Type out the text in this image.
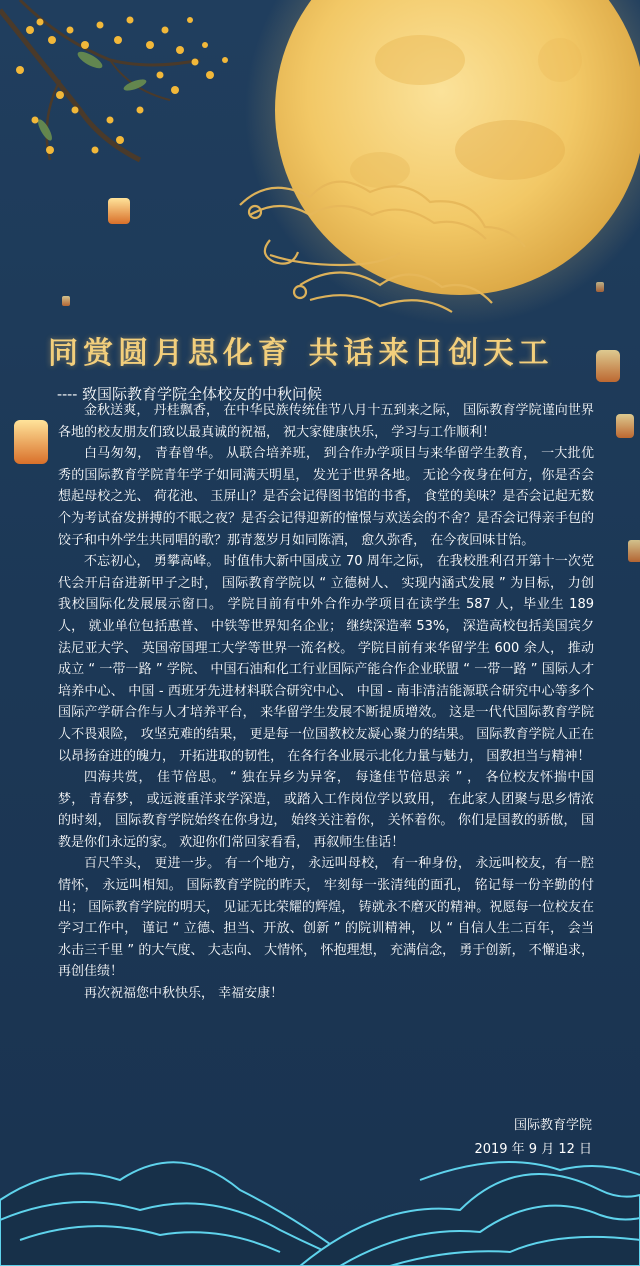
同赏圆月思化育 共话来日创天工
---- 致国际教育学院全体校友的中秋问候

金秋送爽， 丹桂飘香， 在中华民族传统佳节八月十五到来之际， 国际教育学院谨向世界各地的校友朋友们致以最真诚的祝福， 祝大家健康快乐， 学习与工作顺利！

白马匆匆， 青春曾华。 从联合培养班， 到合作办学项目与来华留学生教育， 一大批优秀的国际教育学院青年学子如同满天明星， 发光于世界各地。 无论今夜身在何方，你是否会想起母校之光、 荷花池、 玉屏山？是否会记得图书馆的书香， 食堂的美味？是否会记起无数个为考试奋发拼搏的不眠之夜？是否会记得迎新的憧憬与欢送会的不舍？是否会记得亲手包的饺子和中外学生共同唱的歌？那青葱岁月如同陈酒， 愈久弥香， 在今夜回味甘饴。

不忘初心， 勇攀高峰。 时值伟大新中国成立 70 周年之际， 在我校胜利召开第十一次党代会开启奋进新甲子之时， 国际教育学院以 “ 立德树人、 实现内涵式发展 ” 为目标， 力创我校国际化发展展示窗口。 学院目前有中外合作办学项目在读学生 587 人，毕业生 189 人， 就业单位包括惠普、 中铁等世界知名企业； 继续深造率 53%， 深造高校包括美国宾夕法尼亚大学、 英国帝国理工大学等世界一流名校。 学院目前有来华留学生 600 余人， 推动成立 “ 一带一路 ” 学院、 中国石油和化工行业国际产能合作企业联盟 “ 一带一路 ” 国际人才培养中心、 中国 - 西班牙先进材料联合研究中心、 中国 - 南非清洁能源联合研究中心等多个国际产学研合作与人才培养平台， 来华留学生发展不断提质增效。 这是一代代国际教育学院人不畏艰险， 攻坚克难的结果， 更是每一位国教校友凝心聚力的结果。 国际教育学院人正在以昂扬奋进的魄力， 开拓进取的韧性， 在各行各业展示北化力量与魅力， 国教担当与精神！

四海共赏， 佳节倍思。 “ 独在异乡为异客， 每逢佳节倍思亲 ” ， 各位校友怀揣中国梦， 青春梦， 或远渡重洋求学深造， 或踏入工作岗位学以致用， 在此家人团聚与思乡情浓的时刻， 国际教育学院始终在你身边， 始终关注着你， 关怀着你。 你们是国教的骄傲， 国教是你们永远的家。 欢迎你们常回家看看， 再叙师生佳话！

百尺竿头， 更进一步。 有一个地方， 永远叫母校， 有一种身份， 永远叫校友，有一腔情怀， 永远叫相知。 国际教育学院的昨天， 牢刻每一张清纯的面孔， 铭记每一份辛勤的付出； 国际教育学院的明天， 见证无比荣耀的辉煌， 铸就永不磨灭的精神。祝愿每一位校友在学习工作中， 谨记 “ 立德、担当、开放、创新 ” 的院训精神， 以 “ 自信人生二百年， 会当水击三千里 ” 的大气度、 大志向、 大情怀， 怀抱理想， 充满信念， 勇于创新， 不懈追求， 再创佳绩！

再次祝福您中秋快乐， 幸福安康！

国际教育学院
2019 年 9 月 12 日
